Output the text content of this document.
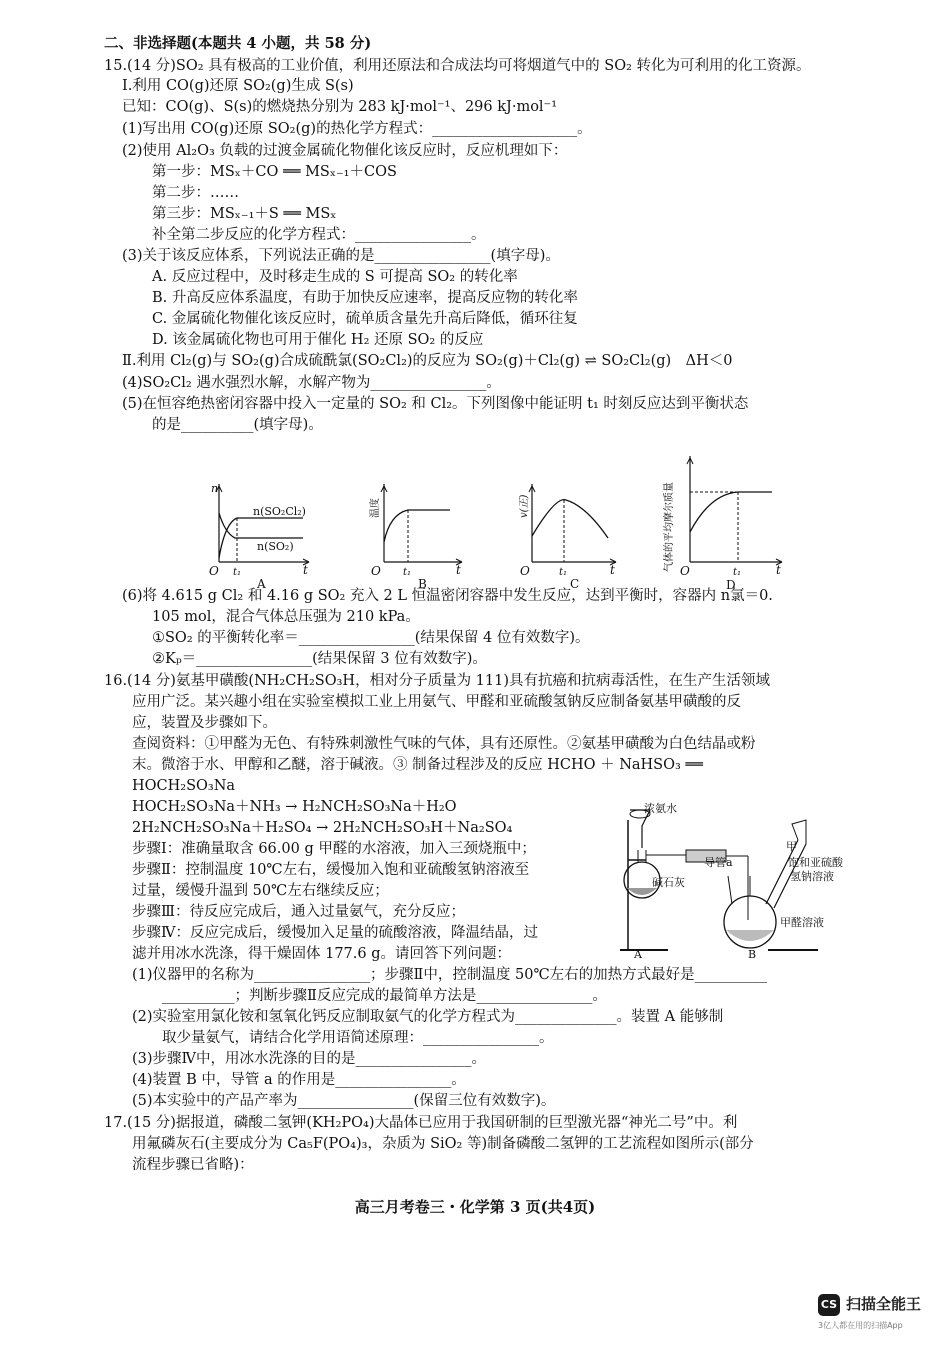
二、非选择题(本题共 4 小题，共 58 分)
15.(14 分)SO₂ 具有极高的工业价值，利用还原法和合成法均可将烟道气中的 SO₂ 转化为可利用的化工资源。
Ⅰ.利用 CO(g)还原 SO₂(g)生成 S(s)
已知：CO(g)、S(s)的燃烧热分别为 283 kJ·mol⁻¹、296 kJ·mol⁻¹
(1)写出用 CO(g)还原 SO₂(g)的热化学方程式：____________________。
(2)使用 Al₂O₃ 负载的过渡金属硫化物催化该反应时，反应机理如下：
第一步：MSₓ＋CO ══ MSₓ₋₁＋COS
第二步：……
第三步：MSₓ₋₁＋S ══ MSₓ
补全第二步反应的化学方程式：________________。
(3)关于该反应体系，下列说法正确的是________________(填字母)。
A. 反应过程中，及时移走生成的 S 可提高 SO₂ 的转化率
B. 升高反应体系温度，有助于加快反应速率，提高反应物的转化率
C. 金属硫化物催化该反应时，硫单质含量先升高后降低，循环往复
D. 该金属硫化物也可用于催化 H₂ 还原 SO₂ 的反应
Ⅱ.利用 Cl₂(g)与 SO₂(g)合成硫酰氯(SO₂Cl₂)的反应为 SO₂(g)＋Cl₂(g) ⇌ SO₂Cl₂(g)　ΔH＜0
(4)SO₂Cl₂ 遇水强烈水解，水解产物为________________。
(5)在恒容绝热密闭容器中投入一定量的 SO₂ 和 Cl₂。下列图像中能证明 t₁ 时刻反应达到平衡状态
的是__________(填字母)。
(6)将 4.615 g Cl₂ 和 4.16 g SO₂ 充入 2 L 恒温密闭容器中发生反应，达到平衡时，容器内 n氯＝0.
105 mol，混合气体总压强为 210 kPa。
①SO₂ 的平衡转化率＝________________(结果保留 4 位有效数字)。
②Kₚ＝________________(结果保留 3 位有效数字)。
16.(14 分)氨基甲磺酸(NH₂CH₂SO₃H，相对分子质量为 111)具有抗癌和抗病毒活性，在生产生活领域
应用广泛。某兴趣小组在实验室模拟工业上用氨气、甲醛和亚硫酸氢钠反应制备氨基甲磺酸的反
应，装置及步骤如下。
查阅资料：①甲醛为无色、有特殊刺激性气味的气体，具有还原性。②氨基甲磺酸为白色结晶或粉
末。微溶于水、甲醇和乙醚，溶于碱液。③ 制备过程涉及的反应 HCHO ＋ NaHSO₃ ══
HOCH₂SO₃Na
HOCH₂SO₃Na＋NH₃ → H₂NCH₂SO₃Na＋H₂O
2H₂NCH₂SO₃Na＋H₂SO₄ → 2H₂NCH₂SO₃H＋Na₂SO₄
步骤Ⅰ：准确量取含 66.00 g 甲醛的水溶液，加入三颈烧瓶中；
步骤Ⅱ：控制温度 10℃左右，缓慢加入饱和亚硫酸氢钠溶液至
过量，缓慢升温到 50℃左右继续反应；
步骤Ⅲ：待反应完成后，通入过量氨气，充分反应；
步骤Ⅳ：反应完成后，缓慢加入足量的硫酸溶液，降温结晶，过
滤并用冰水洗涤，得干燥固体 177.6 g。请回答下列问题：
(1)仪器甲的名称为________________；步骤Ⅱ中，控制温度 50℃左右的加热方式最好是__________
__________；判断步骤Ⅱ反应完成的最简单方法是________________。
(2)实验室用氯化铵和氢氧化钙反应制取氨气的化学方程式为______________。装置 A 能够制
取少量氨气，请结合化学用语简述原理：________________。
(3)步骤Ⅳ中，用冰水洗涤的目的是________________。
(4)装置 B 中，导管 a 的作用是________________。
(5)本实验中的产品产率为________________(保留三位有效数字)。
17.(15 分)据报道，磷酸二氢钾(KH₂PO₄)大晶体已应用于我国研制的巨型激光器“神光二号”中。利
用氟磷灰石(主要成分为 Ca₅F(PO₄)₃，杂质为 SiO₂ 等)制备磷酸二氢钾的工艺流程如图所示(部分
流程步骤已省略)：
n
O t₁	t
n(SO₂Cl₂)
n(SO₂)
A
温度
O t₁	t
B
v(正)
O	t₁	t
C
气体的平均摩尔质量 O	t₁	t
D
浓氨水
碱石灰
甲
导管a	饱和亚硫酸
氢钠溶液
甲醛溶液
A	B
高三月考卷三・化学第 3 页(共4页)
CS 扫描全能王
3亿人都在用的扫描App
